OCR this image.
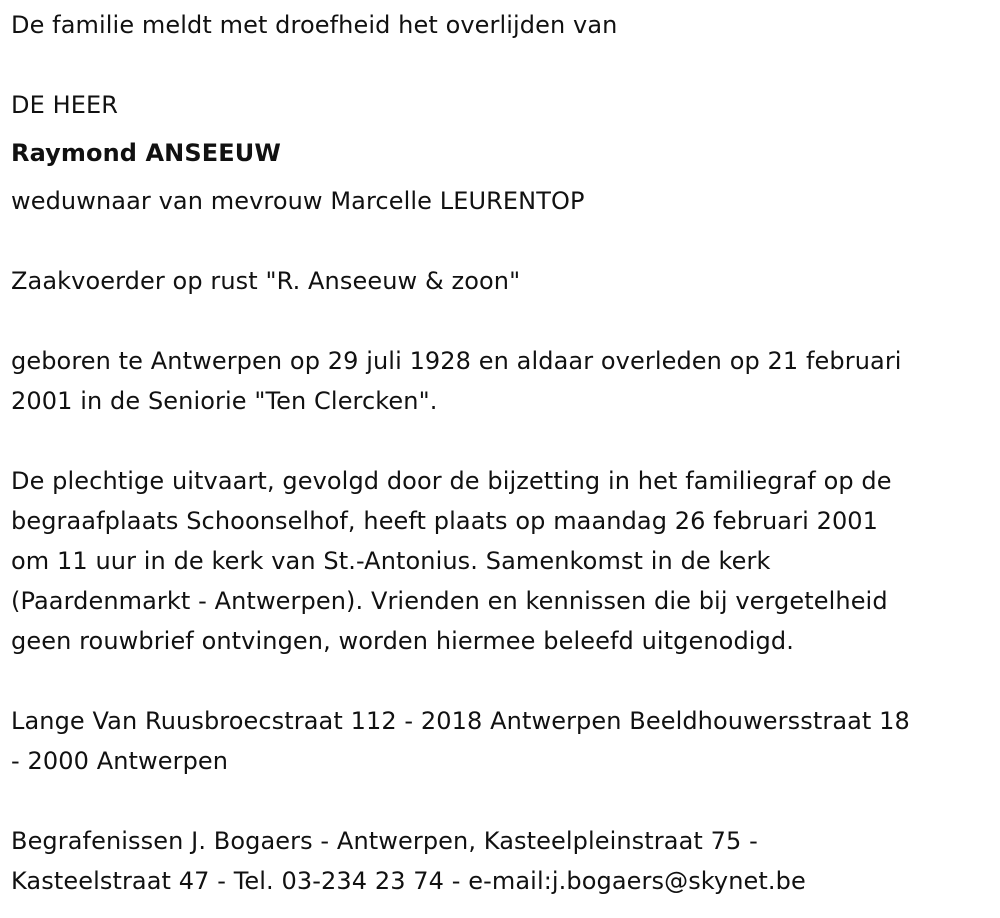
De familie meldt met droefheid het overlijden van
DE HEER
Raymond ANSEEUW
weduwnaar van mevrouw Marcelle LEURENTOP
Zaakvoerder op rust "R. Anseeuw & zoon"
geboren te Antwerpen op 29 juli 1928 en aldaar overleden op 21 februari
2001 in de Seniorie "Ten Clercken".
De plechtige uitvaart, gevolgd door de bijzetting in het familiegraf op de
begraafplaats Schoonselhof, heeft plaats op maandag 26 februari 2001
om 11 uur in de kerk van St.-Antonius. Samenkomst in de kerk
(Paardenmarkt - Antwerpen). Vrienden en kennissen die bij vergetelheid
geen rouwbrief ontvingen, worden hiermee beleefd uitgenodigd.
Lange Van Ruusbroecstraat 112 - 2018 Antwerpen Beeldhouwersstraat 18
- 2000 Antwerpen
Begrafenissen J. Bogaers - Antwerpen, Kasteelpleinstraat 75 -
Kasteelstraat 47 - Tel. 03-234 23 74 - e-mail:j.bogaers@skynet.be
